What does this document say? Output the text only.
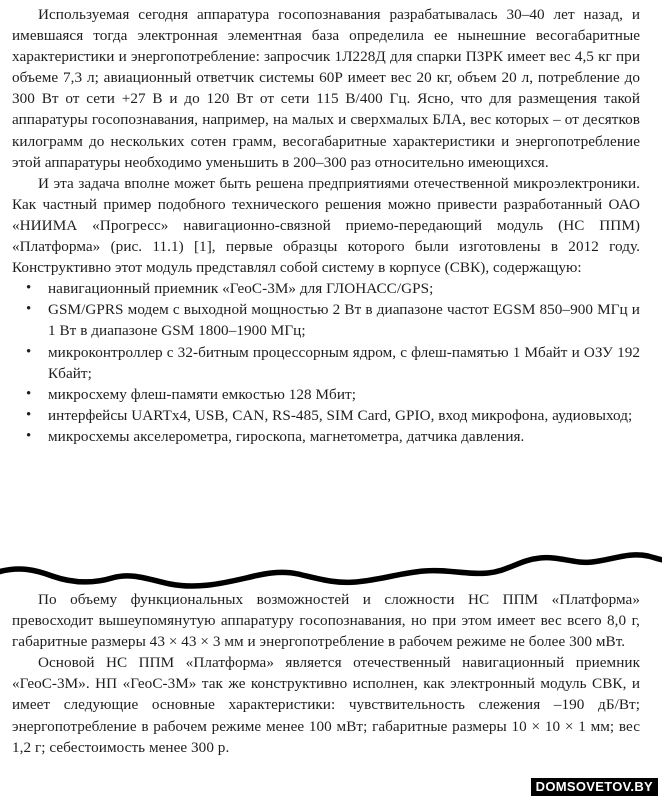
Используемая сегодня аппаратура госопознавания разрабатывалась 30–40 лет назад, и имевшаяся тогда электронная элементная база определила ее нынешние весогабаритные характеристики и энергопотребление: запросчик 1Л228Д для спарки ПЗРК имеет вес 4,5 кг при объеме 7,3 л; авиационный ответчик системы 60Р имеет вес 20 кг, объем 20 л, потребление до 300 Вт от сети +27 В и до 120 Вт от сети 115 В/400 Гц. Ясно, что для размещения такой аппаратуры госопознавания, например, на малых и сверхмалых БЛА, вес которых – от десятков килограмм до нескольких сотен грамм, весогабаритные характеристики и энергопотребление этой аппаратуры необходимо уменьшить в 200–300 раз относительно имеющихся.

И эта задача вполне может быть решена предприятиями отечественной микроэлектроники. Как частный пример подобного технического решения можно привести разработанный ОАО «НИИМА «Прогресс» навигационно-связной приемо-передающий модуль (НС ППМ) «Платформа» (рис. 11.1) [1], первые образцы которого были изготовлены в 2012 году. Конструктивно этот модуль представлял собой систему в корпусе (СВК), содержащую:

• навигационный приемник «ГеоС-3М» для ГЛОНАСС/GPS;
• GSM/GPRS модем с выходной мощностью 2 Вт в диапазоне частот EGSM 850–900 МГц и 1 Вт в диапазоне GSM 1800–1900 МГц;
• микроконтроллер с 32-битным процессорным ядром, с флеш-памятью 1 Мбайт и ОЗУ 192 Кбайт;
• микросхему флеш-памяти емкостью 128 Мбит;
• интерфейсы UARTх4, USB, CAN, RS-485, SIM Card, GPIO, вход микрофона, аудиовыход;
• микросхемы акселерометра, гироскопа, магнетометра, датчика давления.

По объему функциональных возможностей и сложности НС ППМ «Платформа» превосходит вышеупомянутую аппаратуру госопознавания, но при этом имеет вес всего 8,0 г, габаритные размеры 43 × 43 × 3 мм и энергопотребление в рабочем режиме не более 300 мВт.

Основой НС ППМ «Платформа» является отечественный навигационный приемник «ГеоС-3М». НП «ГеоС-3М» так же конструктивно исполнен, как электронный модуль СВК, и имеет следующие основные характеристики: чувствительность слежения –190 дБ/Вт; энергопотребление в рабочем режиме менее 100 мВт; габаритные размеры 10 × 10 × 1 мм; вес 1,2 г; себестоимость менее 300 р.

DOMSOVETOV.BY
